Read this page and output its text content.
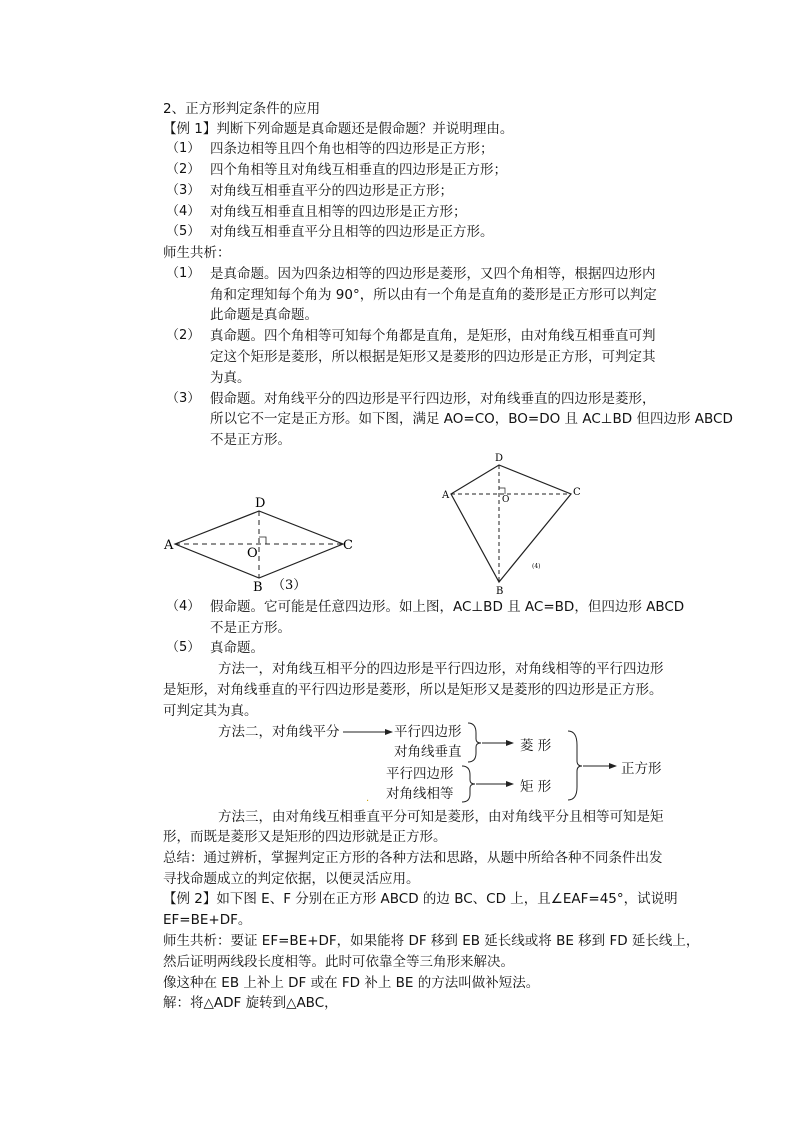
2、正方形判定条件的应用
【例 1】判断下列命题是真命题还是假命题？并说明理由。
（1） 四条边相等且四个角也相等的四边形是正方形；
（2） 四个角相等且对角线互相垂直的四边形是正方形；
（3） 对角线互相垂直平分的四边形是正方形；
（4） 对角线互相垂直且相等的四边形是正方形；
（5） 对角线互相垂直平分且相等的四边形是正方形。
师生共析：
（1） 是真命题。因为四条边相等的四边形是菱形，又四个角相等，根据四边形内
角和定理知每个角为 90°，所以由有一个角是直角的菱形是正方形可以判定
此命题是真命题。
（2） 真命题。四个角相等可知每个角都是直角，是矩形，由对角线互相垂直可判
定这个矩形是菱形，所以根据是矩形又是菱形的四边形是正方形，可判定其
为真。
（3） 假命题。对角线平分的四边形是平行四边形，对角线垂直的四边形是菱形，
所以它不一定是正方形。如下图，满足 AO=CO，BO=DO 且 AC⊥BD 但四边形 ABCD
不是正方形。
A
D
C
O
B （3）
D
A	C
O
B
(4)
（4） 假命题。它可能是任意四边形。如上图，AC⊥BD 且 AC=BD，但四边形 ABCD
不是正方形。
（5） 真命题。
方法一，对角线互相平分的四边形是平行四边形，对角线相等的平行四边形
是矩形，对角线垂直的平行四边形是菱形，所以是矩形又是菱形的四边形是正方形。
可判定其为真。
方法二，对角线平分	平行四边形
对角线垂直
平行四边形
对角线相等
菱 形
矩 形
正方形
.
方法三，由对角线互相垂直平分可知是菱形，由对角线平分且相等可知是矩
形，而既是菱形又是矩形的四边形就是正方形。
总结：通过辨析，掌握判定正方形的各种方法和思路，从题中所给各种不同条件出发
寻找命题成立的判定依据，以便灵活应用。
【例 2】如下图 E、F 分别在正方形 ABCD 的边 BC、CD 上，且∠EAF=45°，试说明
EF=BE+DF。
师生共析：要证 EF=BE+DF，如果能将 DF 移到 EB 延长线或将 BE 移到 FD 延长线上，
然后证明两线段长度相等。此时可依靠全等三角形来解决。
像这种在 EB 上补上 DF 或在 FD 补上 BE 的方法叫做补短法。
解：将△ADF 旋转到△ABC，
